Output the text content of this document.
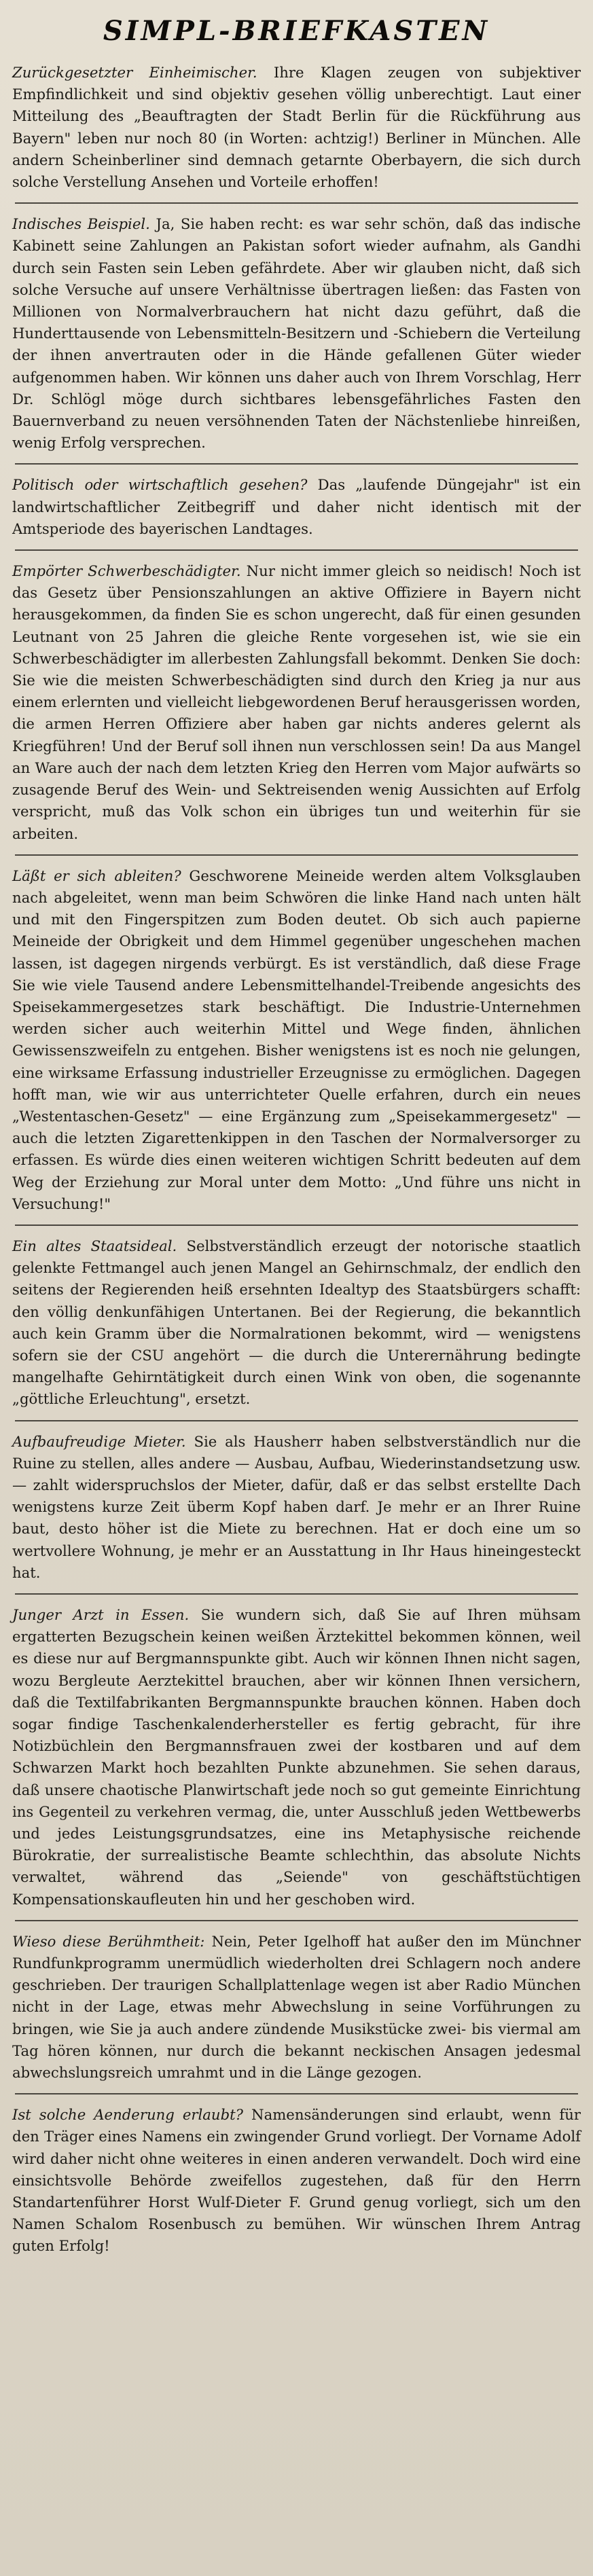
SIMPL-BRIEFKASTEN

Zurückgesetzter Einheimischer. Ihre Klagen zeugen von subjektiver Empfindlichkeit und sind objektiv gesehen völlig unberechtigt. Laut einer Mitteilung des „Beauftragten der Stadt Berlin für die Rückführung aus Bayern" leben nur noch 80 (in Worten: achtzig!) Berliner in München. Alle andern Scheinberliner sind demnach getarnte Oberbayern, die sich durch solche Verstellung Ansehen und Vorteile erhoffen!

Indisches Beispiel. Ja, Sie haben recht: es war sehr schön, daß das indische Kabinett seine Zahlungen an Pakistan sofort wieder aufnahm, als Gandhi durch sein Fasten sein Leben gefährdete. Aber wir glauben nicht, daß sich solche Versuche auf unsere Verhältnisse übertragen ließen: das Fasten von Millionen von Normalverbrauchern hat nicht dazu geführt, daß die Hunderttausende von Lebensmitteln-Besitzern und -Schiebern die Verteilung der ihnen anvertrauten oder in die Hände gefallenen Güter wieder aufgenommen haben. Wir können uns daher auch von Ihrem Vorschlag, Herr Dr. Schlögl möge durch sichtbares lebensgefährliches Fasten den Bauernverband zu neuen versöhnenden Taten der Nächstenliebe hinreißen, wenig Erfolg versprechen.

Politisch oder wirtschaftlich gesehen? Das „laufende Düngejahr" ist ein landwirtschaftlicher Zeitbegriff und daher nicht identisch mit der Amtsperiode des bayerischen Landtages.

Empörter Schwerbeschädigter. Nur nicht immer gleich so neidisch! Noch ist das Gesetz über Pensionszahlungen an aktive Offiziere in Bayern nicht herausgekommen, da finden Sie es schon ungerecht, daß für einen gesunden Leutnant von 25 Jahren die gleiche Rente vorgesehen ist, wie sie ein Schwerbeschädigter im allerbesten Zahlungsfall bekommt. Denken Sie doch: Sie wie die meisten Schwerbeschädigten sind durch den Krieg ja nur aus einem erlernten und vielleicht liebgewordenen Beruf herausgerissen worden, die armen Herren Offiziere aber haben gar nichts anderes gelernt als Kriegführen! Und der Beruf soll ihnen nun verschlossen sein! Da aus Mangel an Ware auch der nach dem letzten Krieg den Herren vom Major aufwärts so zusagende Beruf des Wein- und Sektreisenden wenig Aussichten auf Erfolg verspricht, muß das Volk schon ein übriges tun und weiterhin für sie arbeiten.

Läßt er sich ableiten? Geschworene Meineide werden altem Volksglauben nach abgeleitet, wenn man beim Schwören die linke Hand nach unten hält und mit den Fingerspitzen zum Boden deutet. Ob sich auch papierne Meineide der Obrigkeit und dem Himmel gegenüber ungeschehen machen lassen, ist dagegen nirgends verbürgt. Es ist verständlich, daß diese Frage Sie wie viele Tausend andere Lebensmittelhandel-Treibende angesichts des Speisekammergesetzes stark beschäftigt. Die Industrie-Unternehmen werden sicher auch weiterhin Mittel und Wege finden, ähnlichen Gewissenszweifeln zu entgehen. Bisher wenigstens ist es noch nie gelungen, eine wirksame Erfassung industrieller Erzeugnisse zu ermöglichen. Dagegen hofft man, wie wir aus unterrichteter Quelle erfahren, durch ein neues „Westentaschen-Gesetz" — eine Ergänzung zum „Speisekammergesetz" — auch die letzten Zigarettenkippen in den Taschen der Normalversorger zu erfassen. Es würde dies einen weiteren wichtigen Schritt bedeuten auf dem Weg der Erziehung zur Moral unter dem Motto: „Und führe uns nicht in Versuchung!"

Ein altes Staatsideal. Selbstverständlich erzeugt der notorische staatlich gelenkte Fettmangel auch jenen Mangel an Gehirnschmalz, der endlich den seitens der Regierenden heiß ersehnten Idealtyp des Staatsbürgers schafft: den völlig denkunfähigen Untertanen. Bei der Regierung, die bekanntlich auch kein Gramm über die Normalrationen bekommt, wird — wenigstens sofern sie der CSU angehört — die durch die Unterernährung bedingte mangelhafte Gehirntätigkeit durch einen Wink von oben, die sogenannte „göttliche Erleuchtung", ersetzt.

Aufbaufreudige Mieter. Sie als Hausherr haben selbstverständlich nur die Ruine zu stellen, alles andere — Ausbau, Aufbau, Wiederinstandsetzung usw. — zahlt widerspruchslos der Mieter, dafür, daß er das selbst erstellte Dach wenigstens kurze Zeit überm Kopf haben darf. Je mehr er an Ihrer Ruine baut, desto höher ist die Miete zu berechnen. Hat er doch eine um so wertvollere Wohnung, je mehr er an Ausstattung in Ihr Haus hineingesteckt hat.

Junger Arzt in Essen. Sie wundern sich, daß Sie auf Ihren mühsam ergatterten Bezugschein keinen weißen Ärztekittel bekommen können, weil es diese nur auf Bergmannspunkte gibt. Auch wir können Ihnen nicht sagen, wozu Bergleute Aerztekittel brauchen, aber wir können Ihnen versichern, daß die Textilfabrikanten Bergmannspunkte brauchen können. Haben doch sogar findige Taschenkalenderhersteller es fertig gebracht, für ihre Notizbüchlein den Bergmannsfrauen zwei der kostbaren und auf dem Schwarzen Markt hoch bezahlten Punkte abzunehmen. Sie sehen daraus, daß unsere chaotische Planwirtschaft jede noch so gut gemeinte Einrichtung ins Gegenteil zu verkehren vermag, die, unter Ausschluß jeden Wettbewerbs und jedes Leistungsgrundsatzes, eine ins Metaphysische reichende Bürokratie, der surrealistische Beamte schlechthin, das absolute Nichts verwaltet, während das „Seiende" von geschäftstüchtigen Kompensationskaufleuten hin und her geschoben wird.

Wieso diese Berühmtheit: Nein, Peter Igelhoff hat außer den im Münchner Rundfunkprogramm unermüdlich wiederholten drei Schlagern noch andere geschrieben. Der traurigen Schallplattenlage wegen ist aber Radio München nicht in der Lage, etwas mehr Abwechslung in seine Vorführungen zu bringen, wie Sie ja auch andere zündende Musikstücke zwei- bis viermal am Tag hören können, nur durch die bekannt neckischen Ansagen jedesmal abwechslungsreich umrahmt und in die Länge gezogen.

Ist solche Aenderung erlaubt? Namensänderungen sind erlaubt, wenn für den Träger eines Namens ein zwingender Grund vorliegt. Der Vorname Adolf wird daher nicht ohne weiteres in einen anderen verwandelt. Doch wird eine einsichtsvolle Behörde zweifellos zugestehen, daß für den Herrn Standartenführer Horst Wulf-Dieter F. Grund genug vorliegt, sich um den Namen Schalom Rosenbusch zu bemühen. Wir wünschen Ihrem Antrag guten Erfolg!
